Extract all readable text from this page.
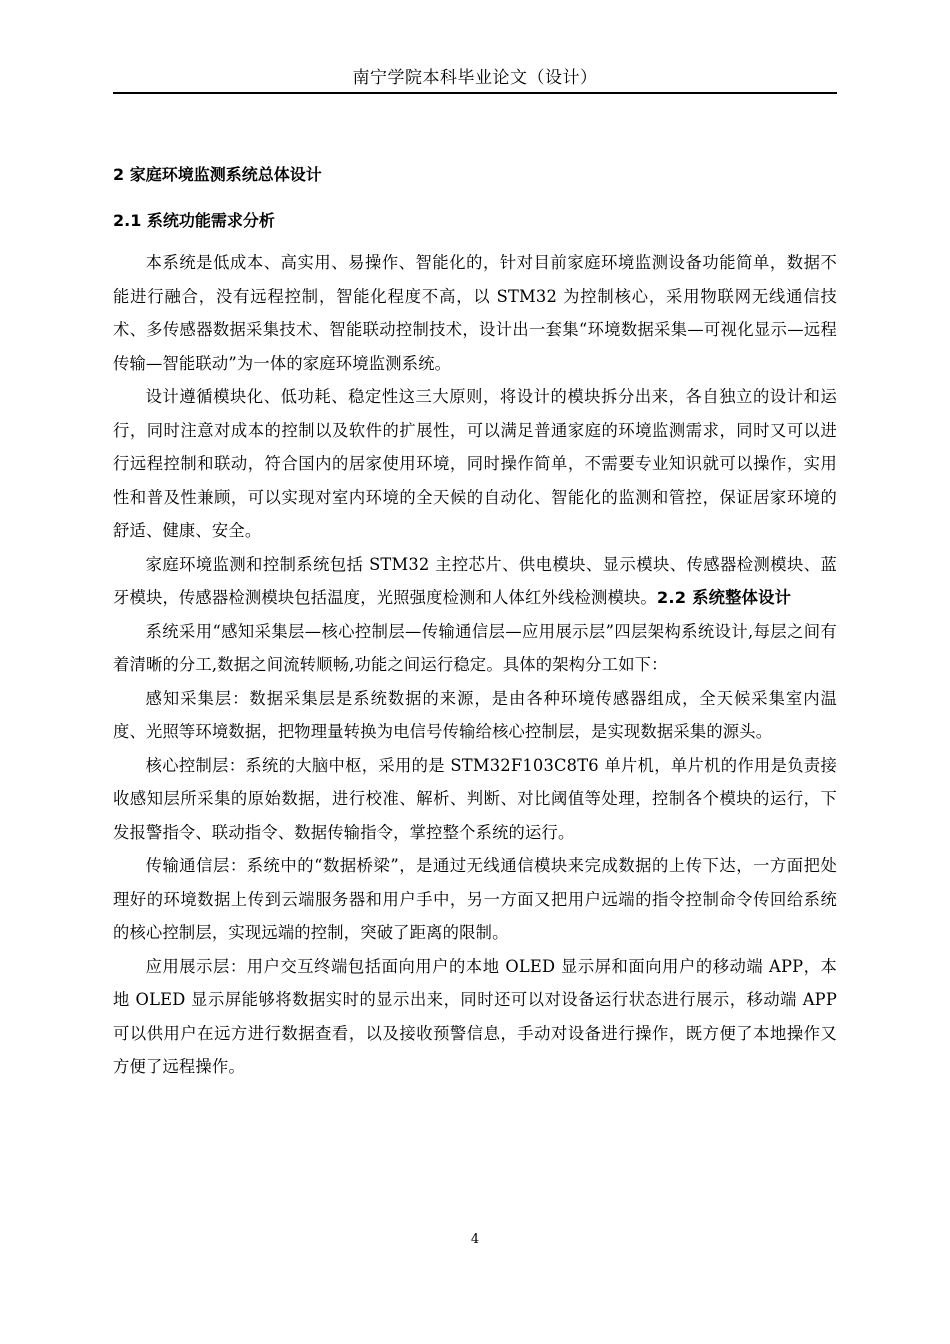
南宁学院本科毕业论文（设计）
2 家庭环境监测系统总体设计
2.1 系统功能需求分析

本系统是低成本、高实用、易操作、智能化的，针对目前家庭环境监测设备功能简单，数据不能进行融合，没有远程控制，智能化程度不高，以 STM32 为控制核心，采用物联网无线通信技术、多传感器数据采集技术、智能联动控制技术，设计出一套集“环境数据采集—可视化显示—远程传输—智能联动”为一体的家庭环境监测系统。

设计遵循模块化、低功耗、稳定性这三大原则，将设计的模块拆分出来，各自独立的设计和运行，同时注意对成本的控制以及软件的扩展性，可以满足普通家庭的环境监测需求，同时又可以进行远程控制和联动，符合国内的居家使用环境，同时操作简单，不需要专业知识就可以操作，实用性和普及性兼顾，可以实现对室内环境的全天候的自动化、智能化的监测和管控，保证居家环境的舒适、健康、安全。

家庭环境监测和控制系统包括 STM32 主控芯片、供电模块、显示模块、传感器检测模块、蓝牙模块，传感器检测模块包括温度，光照强度检测和人体红外线检测模块。2.2 系统整体设计

系统采用“感知采集层—核心控制层—传输通信层—应用展示层”四层架构系统设计,每层之间有着清晰的分工,数据之间流转顺畅,功能之间运行稳定。具体的架构分工如下：

感知采集层：数据采集层是系统数据的来源，是由各种环境传感器组成，全天候采集室内温度、光照等环境数据，把物理量转换为电信号传输给核心控制层，是实现数据采集的源头。

核心控制层：系统的大脑中枢，采用的是 STM32F103C8T6 单片机，单片机的作用是负责接收感知层所采集的原始数据，进行校准、解析、判断、对比阈值等处理，控制各个模块的运行，下发报警指令、联动指令、数据传输指令，掌控整个系统的运行。

传输通信层：系统中的“数据桥梁”，是通过无线通信模块来完成数据的上传下达，一方面把处理好的环境数据上传到云端服务器和用户手中，另一方面又把用户远端的指令控制命令传回给系统的核心控制层，实现远端的控制，突破了距离的限制。

应用展示层：用户交互终端包括面向用户的本地 OLED 显示屏和面向用户的移动端 APP，本地 OLED 显示屏能够将数据实时的显示出来，同时还可以对设备运行状态进行展示，移动端 APP 可以供用户在远方进行数据查看，以及接收预警信息，手动对设备进行操作，既方便了本地操作又方便了远程操作。

4
